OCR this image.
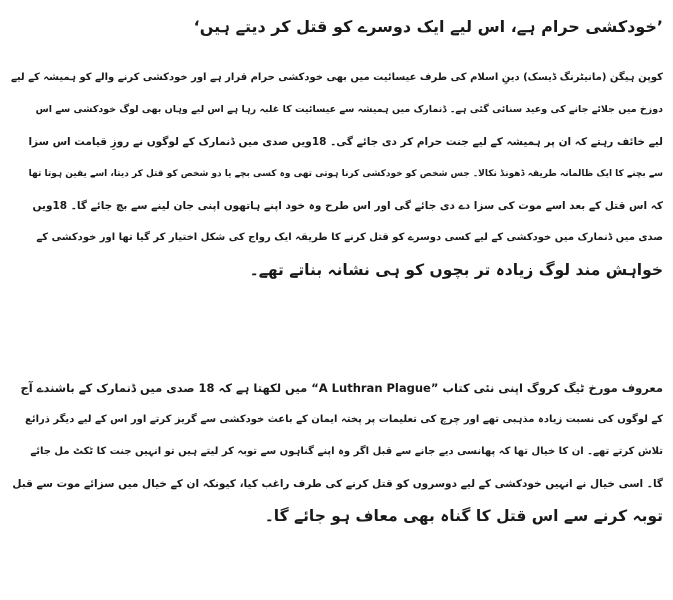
’خودکشی حرام ہے، اس لیے ایک دوسرے کو قتل کر دیتے ہیں‘
کوپن ہیگن (مانیٹرنگ ڈیسک) دینِ اسلام کی طرف عیسائیت میں بھی خودکشی حرام قرار ہے اور خودکشی کرنے والے کو ہمیشہ کے لیے
دوزخ میں جلائے جانے کی وعید سنائی گئی ہے۔ ڈنمارک میں ہمیشہ سے عیسائیت کا غلبہ رہا ہے اس لیے وہاں بھی لوگ خودکشی سے اس
لیے خائف رہتے کہ ان پر ہمیشہ کے لیے جنت حرام کر دی جائے گی۔ 18ویں صدی میں ڈنمارک کے لوگوں نے روزِ قیامت اس سزا
سے بچنے کا ایک ظالمانہ طریقہ ڈھونڈ نکالا۔ جس شخص کو خودکشی کرنا ہوتی تھی وہ کسی بچے یا دو شخص کو قتل کر دیتا، اسے یقین ہوتا تھا
کہ اس قتل کے بعد اسے موت کی سزا دے دی جائے گی اور اس طرح وہ خود اپنے ہاتھوں اپنی جان لینے سے بچ جائے گا۔ 18ویں
صدی میں ڈنمارک میں خودکشی کے لیے کسی دوسرے کو قتل کرنے کا طریقہ ایک رواج کی شکل اختیار کر گیا تھا اور خودکشی کے
خواہش مند لوگ زیادہ تر بچوں کو ہی نشانہ بناتے تھے۔
معروف مورخ ٹیگ کروگ اپنی نئی کتاب ”A Luthran Plague“ میں لکھتا ہے کہ 18 صدی میں ڈنمارک کے باشندے آج
کے لوگوں کی نسبت زیادہ مذہبی تھے اور چرچ کی تعلیمات پر پختہ ایمان کے باعث خودکشی سے گریز کرتے اور اس کے لیے دیگر ذرائع
تلاش کرتے تھے۔ ان کا خیال تھا کہ پھانسی دیے جانے سے قبل اگر وہ اپنے گناہوں سے توبہ کر لیتے ہیں تو انہیں جنت کا ٹکٹ مل جائے
گا۔ اسی خیال نے انہیں خودکشی کے لیے دوسروں کو قتل کرنے کی طرف راغب کیا، کیونکہ ان کے خیال میں سزائے موت سے قبل
توبہ کرنے سے اس قتل کا گناہ بھی معاف ہو جائے گا۔
